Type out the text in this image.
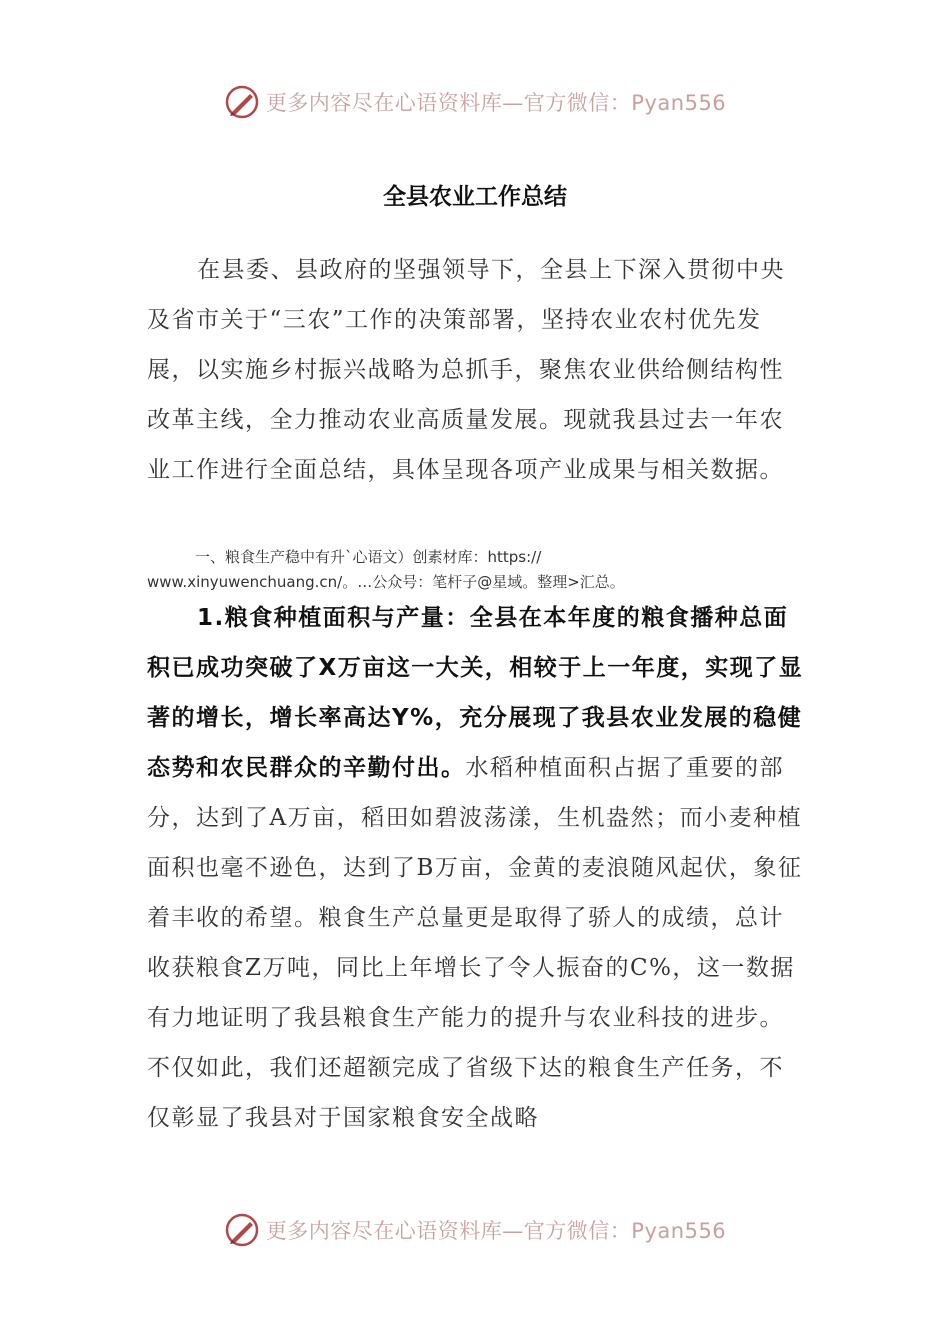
更多内容尽在心语资料库—官方微信：Pyan556
全县农业工作总结
在县委、县政府的坚强领导下，全县上下深入贯彻中央及省市关于“三农”工作的决策部署，坚持农业农村优先发展，以实施乡村振兴战略为总抓手，聚焦农业供给侧结构性改革主线，全力推动农业高质量发展。现就我县过去一年农业工作进行全面总结，具体呈现各项产业成果与相关数据。
一、粮食生产稳中有升`心语文）创素材库：https://
www.xinyuwenchuang.cn/。…公众号：笔杆子@星域。整理>汇总。
1.粮食种植面积与产量：全县在本年度的粮食播种总面积已成功突破了X万亩这一大关，相较于上一年度，实现了显著的增长，增长率高达Y%，充分展现了我县农业发展的稳健态势和农民群众的辛勤付出。水稻种植面积占据了重要的部分，达到了A万亩，稻田如碧波荡漾，生机盎然；而小麦种植面积也毫不逊色，达到了B万亩，金黄的麦浪随风起伏，象征着丰收的希望。粮食生产总量更是取得了骄人的成绩，总计收获粮食Z万吨，同比上年增长了令人振奋的C%，这一数据有力地证明了我县粮食生产能力的提升与农业科技的进步。不仅如此，我们还超额完成了省级下达的粮食生产任务，不仅彰显了我县对于国家粮食安全战略
更多内容尽在心语资料库—官方微信：Pyan556
